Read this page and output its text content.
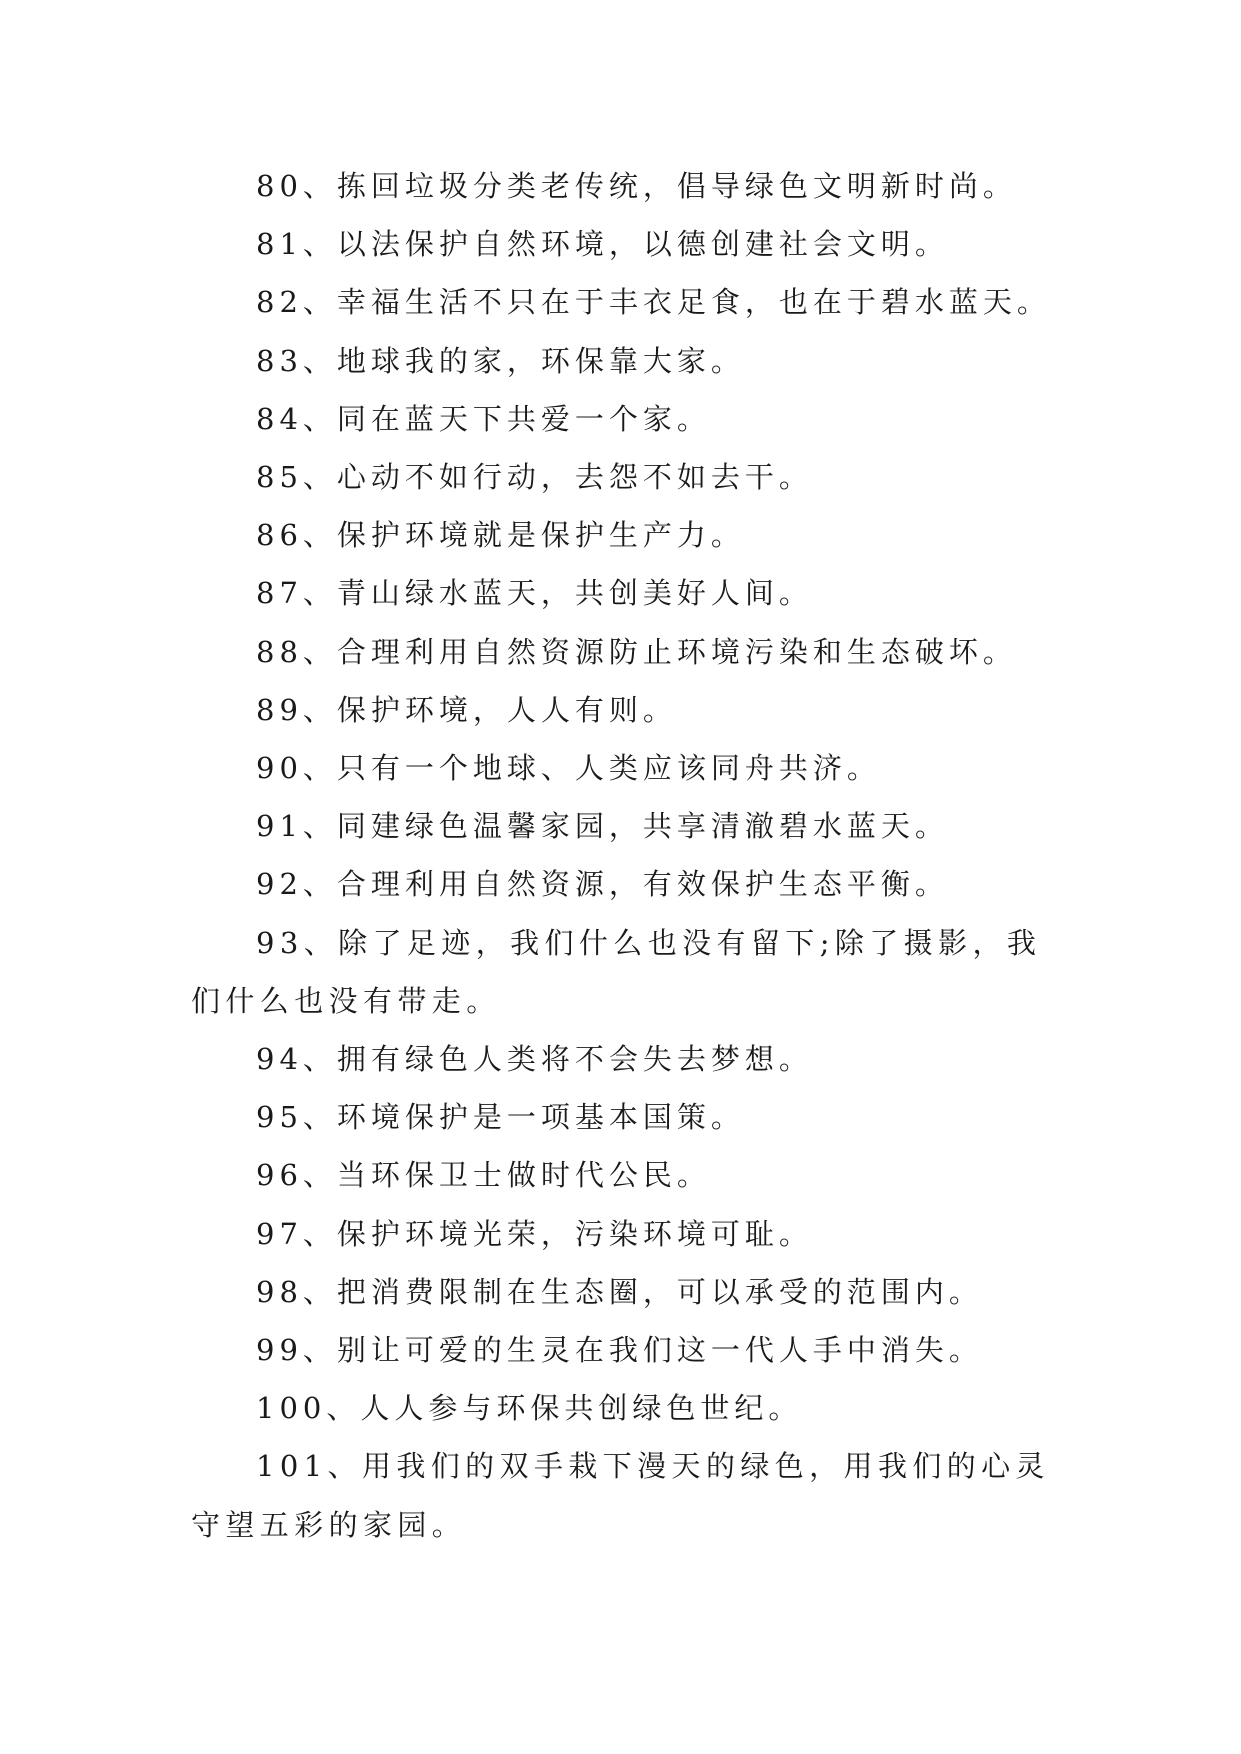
80、拣回垃圾分类老传统，倡导绿色文明新时尚。

81、以法保护自然环境，以德创建社会文明。

82、幸福生活不只在于丰衣足食，也在于碧水蓝天。

83、地球我的家，环保靠大家。

84、同在蓝天下共爱一个家。

85、心动不如行动，去怨不如去干。

86、保护环境就是保护生产力。

87、青山绿水蓝天，共创美好人间。

88、合理利用自然资源防止环境污染和生态破坏。

89、保护环境，人人有则。

90、只有一个地球、人类应该同舟共济。

91、同建绿色温馨家园，共享清澈碧水蓝天。

92、合理利用自然资源，有效保护生态平衡。

93、除了足迹，我们什么也没有留下;除了摄影，我们什么也没有带走。

94、拥有绿色人类将不会失去梦想。

95、环境保护是一项基本国策。

96、当环保卫士做时代公民。

97、保护环境光荣，污染环境可耻。

98、把消费限制在生态圈，可以承受的范围内。

99、别让可爱的生灵在我们这一代人手中消失。

100、人人参与环保共创绿色世纪。

101、用我们的双手栽下漫天的绿色，用我们的心灵守望五彩的家园。
